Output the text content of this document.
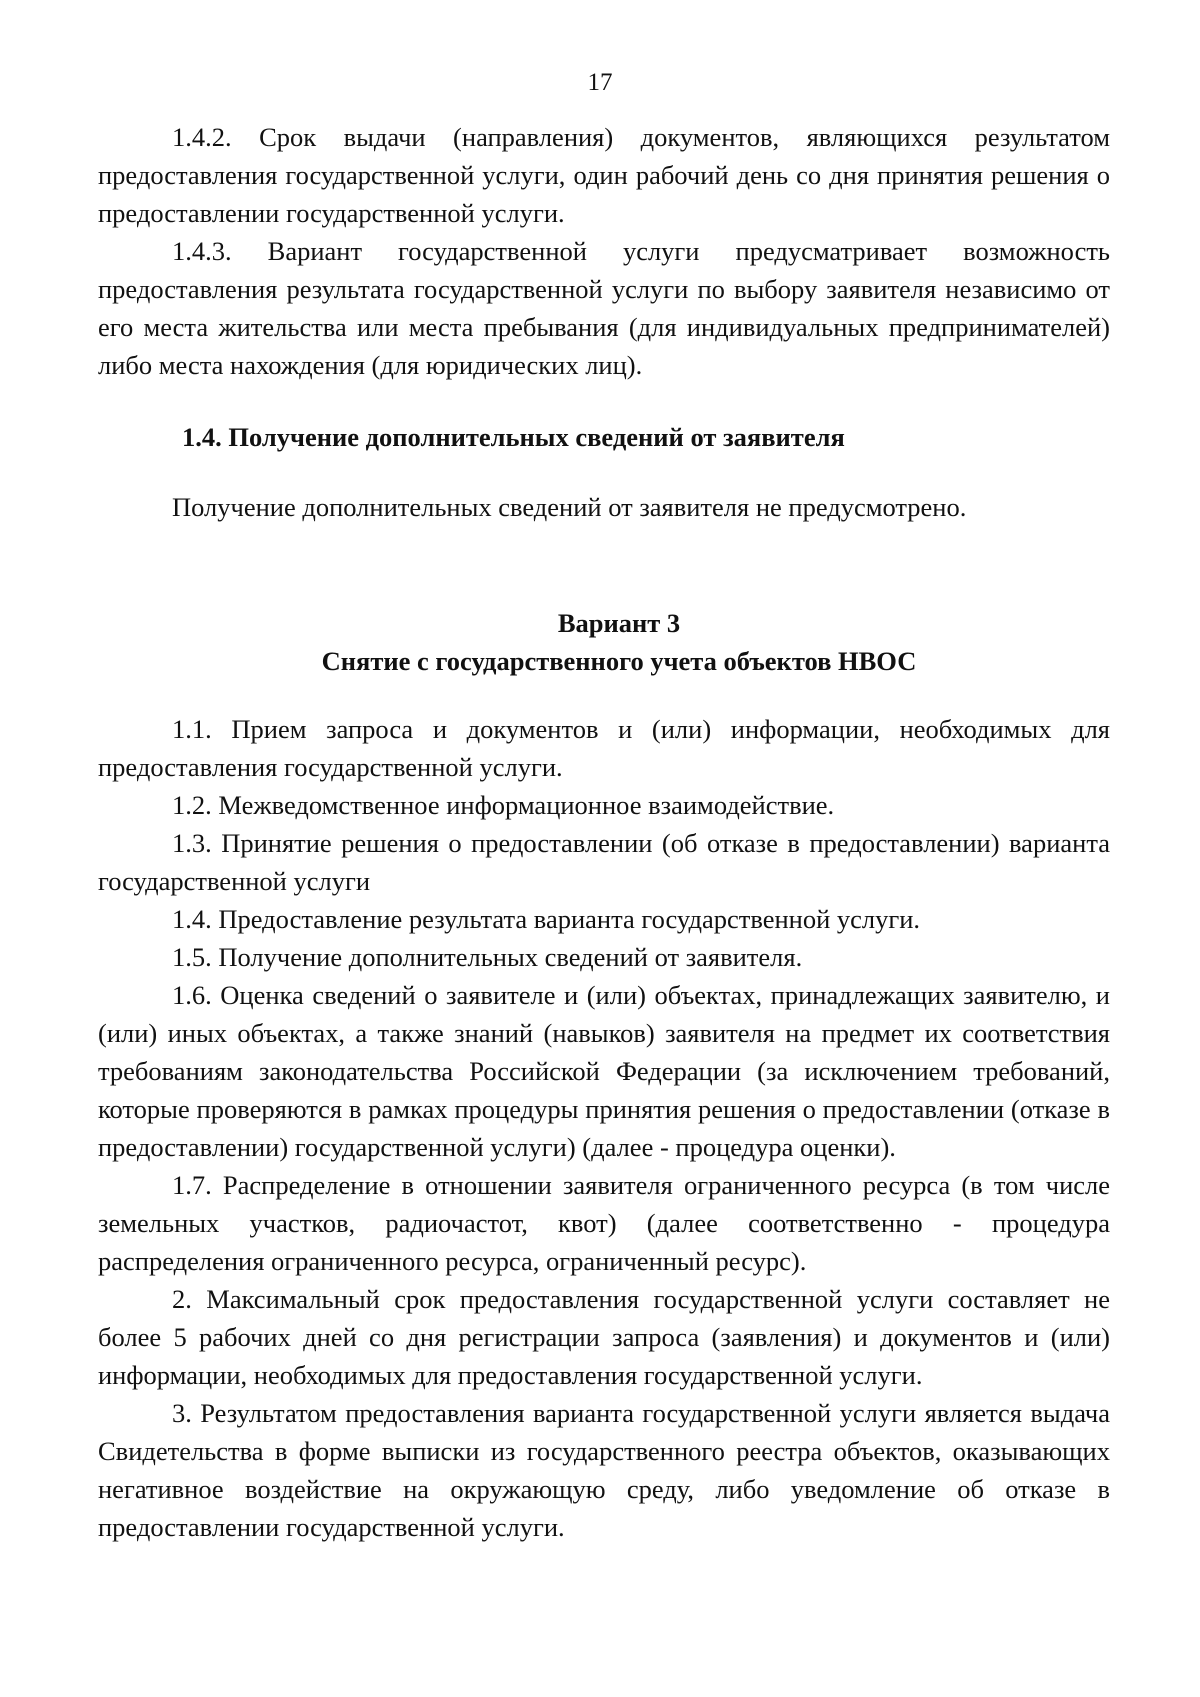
17

1.4.2. Срок выдачи (направления) документов, являющихся результатом предоставления государственной услуги, один рабочий день со дня принятия решения о предоставлении государственной услуги.

1.4.3. Вариант государственной услуги предусматривает возможность предоставления результата государственной услуги по выбору заявителя независимо от его места жительства или места пребывания (для индивидуальных предпринимателей) либо места нахождения (для юридических лиц).

1.4. Получение дополнительных сведений от заявителя

Получение дополнительных сведений от заявителя не предусмотрено.

Вариант 3

Снятие с государственного учета объектов НВОС

1.1. Прием запроса и документов и (или) информации, необходимых для предоставления государственной услуги.

1.2. Межведомственное информационное взаимодействие.

1.3. Принятие решения о предоставлении (об отказе в предоставлении) варианта государственной услуги

1.4. Предоставление результата варианта государственной услуги.

1.5. Получение дополнительных сведений от заявителя.

1.6. Оценка сведений о заявителе и (или) объектах, принадлежащих заявителю, и (или) иных объектах, а также знаний (навыков) заявителя на предмет их соответствия требованиям законодательства Российской Федерации (за исключением требований, которые проверяются в рамках процедуры принятия решения о предоставлении (отказе в предоставлении) государственной услуги) (далее - процедура оценки).

1.7. Распределение в отношении заявителя ограниченного ресурса (в том числе земельных участков, радиочастот, квот) (далее соответственно - процедура распределения ограниченного ресурса, ограниченный ресурс).

2. Максимальный срок предоставления государственной услуги составляет не более 5 рабочих дней со дня регистрации запроса (заявления) и документов и (или) информации, необходимых для предоставления государственной услуги.

3. Результатом предоставления варианта государственной услуги является выдача Свидетельства в форме выписки из государственного реестра объектов, оказывающих негативное воздействие на окружающую среду, либо уведомление об отказе в предоставлении государственной услуги.
